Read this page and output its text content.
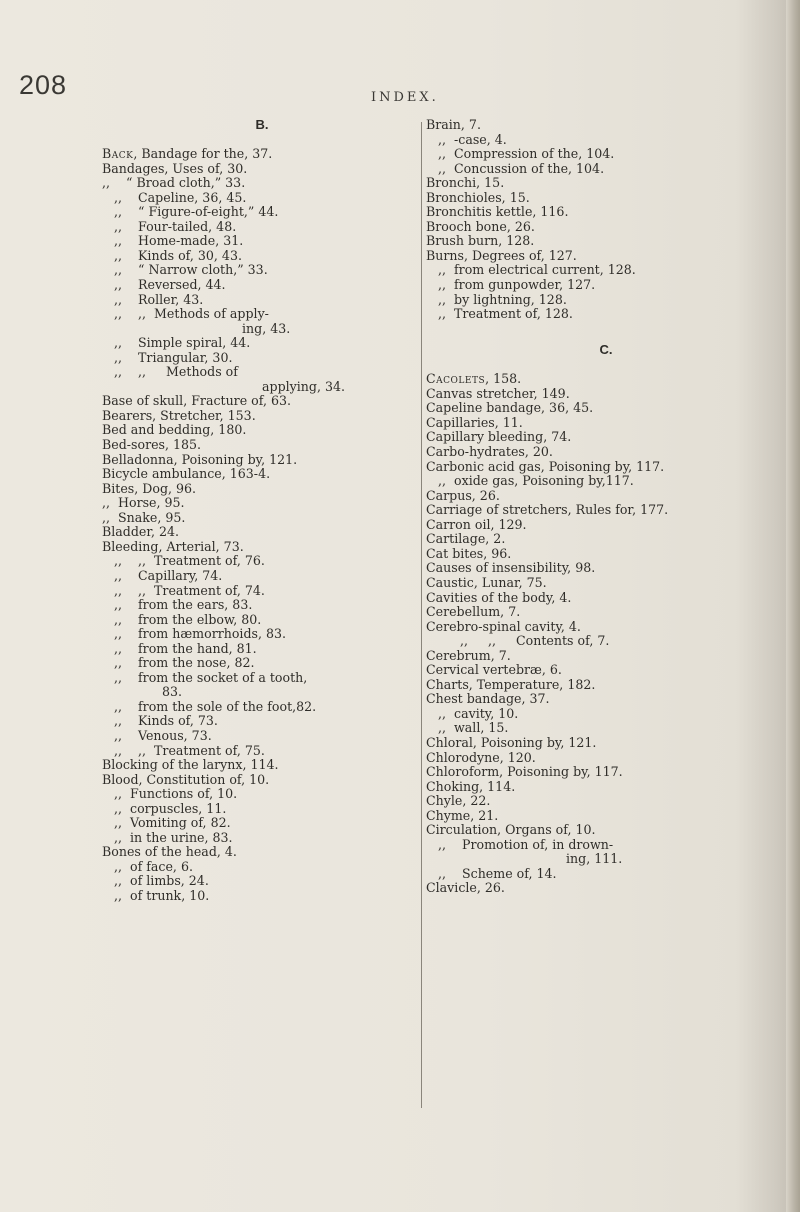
208	INDEX.
B.
Back, Bandage for the, 37.
Bandages, Uses of, 30.
,,    “ Broad cloth,” 33.
,,    Capeline, 36, 45.
,,    “ Figure-of-eight,” 44.
,,    Four-tailed, 48.
,,    Home-made, 31.
,,    Kinds of, 30, 43.
,,    “ Narrow cloth,” 33.
,,    Reversed, 44.
,,    Roller, 43.
,,    ,,  Methods of apply-
ing, 43.
,,    Simple spiral, 44.
,,    Triangular, 30.
,,    ,,     Methods of
applying, 34.
Base of skull, Fracture of, 63.
Bearers, Stretcher, 153.
Bed and bedding, 180.
Bed-sores, 185.
Belladonna, Poisoning by, 121.
Bicycle ambulance, 163-4.
Bites, Dog, 96.
,,  Horse, 95.
,,  Snake, 95.
Bladder, 24.
Bleeding, Arterial, 73.
,,    ,,  Treatment of, 76.
,,    Capillary, 74.
,,    ,,  Treatment of, 74.
,,    from the ears, 83.
,,    from the elbow, 80.
,,    from hæmorrhoids, 83.
,,    from the hand, 81.
,,    from the nose, 82.
,,    from the socket of a tooth,
83.
,,    from the sole of the foot,82.
,,    Kinds of, 73.
,,    Venous, 73.
,,    ,,  Treatment of, 75.
Blocking of the larynx, 114.
Blood, Constitution of, 10.
,,  Functions of, 10.
,,  corpuscles, 11.
,,  Vomiting of, 82.
,,  in the urine, 83.
Bones of the head, 4.
,,  of face, 6.
,,  of limbs, 24.
,,  of trunk, 10.
Brain, 7.
,,  -case, 4.
,,  Compression of the, 104.
,,  Concussion of the, 104.
Bronchi, 15.
Bronchioles, 15.
Bronchitis kettle, 116.
Brooch bone, 26.
Brush burn, 128.
Burns, Degrees of, 127.
,,  from electrical current, 128.
,,  from gunpowder, 127.
,,  by lightning, 128.
,,  Treatment of, 128.
C.
Cacolets, 158.
Canvas stretcher, 149.
Capeline bandage, 36, 45.
Capillaries, 11.
Capillary bleeding, 74.
Carbo-hydrates, 20.
Carbonic acid gas, Poisoning by, 117.
,,  oxide gas, Poisoning by,117.
Carpus, 26.
Carriage of stretchers, Rules for, 177.
Carron oil, 129.
Cartilage, 2.
Cat bites, 96.
Causes of insensibility, 98.
Caustic, Lunar, 75.
Cavities of the body, 4.
Cerebellum, 7.
Cerebro-spinal cavity, 4.
,,     ,,     Contents of, 7.
Cerebrum, 7.
Cervical vertebræ, 6.
Charts, Temperature, 182.
Chest bandage, 37.
,,  cavity, 10.
,,  wall, 15.
Chloral, Poisoning by, 121.
Chlorodyne, 120.
Chloroform, Poisoning by, 117.
Choking, 114.
Chyle, 22.
Chyme, 21.
Circulation, Organs of, 10.
,,    Promotion of, in drown-
ing, 111.
,,    Scheme of, 14.
Clavicle, 26.
